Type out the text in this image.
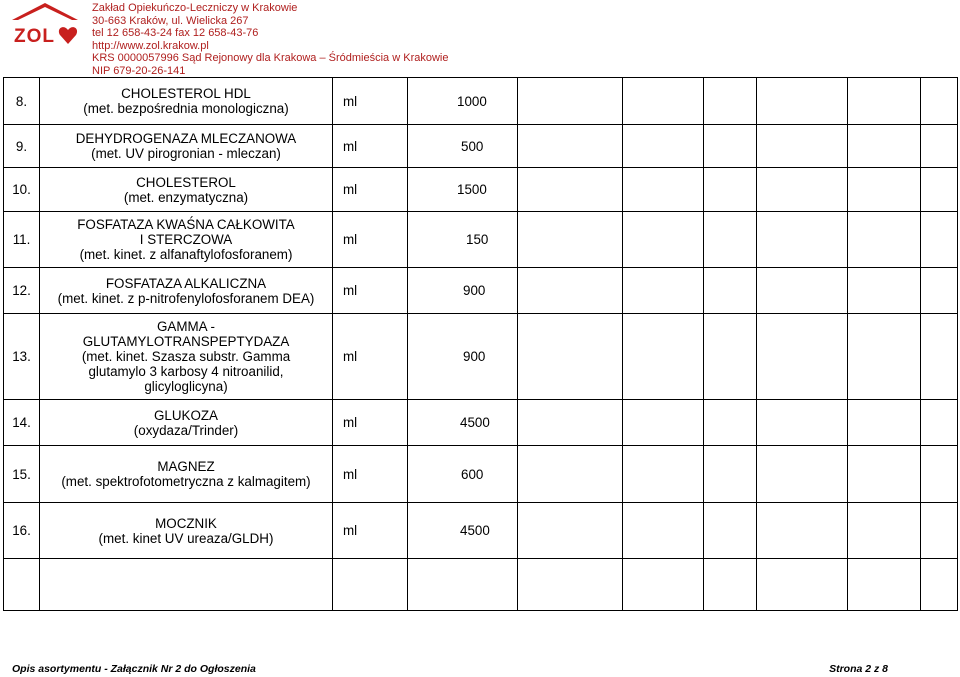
ZOL
Zakład Opiekuńczo-Leczniczy w Krakowie
30-663 Kraków, ul. Wielicka 267
tel 12 658-43-24 fax 12 658-43-76
http://www.zol.krakow.pl
KRS 0000057996 Sąd Rejonowy dla Krakowa – Śródmieścia w Krakowie
NIP 679-20-26-141
8.	CHOLESTEROL HDL
(met. bezpośrednia monologiczna)	ml	1000						
9.	DEHYDROGENAZA MLECZANOWA
(met. UV pirogronian - mleczan)	ml	500						
10.	CHOLESTEROL
(met. enzymatyczna)	ml	1500						
11.	FOSFATAZA KWAŚNA CAŁKOWITA
I STERCZOWA
(met. kinet. z alfanaftylofosforanem)	ml	150						
12.	FOSFATAZA ALKALICZNA
(met. kinet. z p-nitrofenylofosforanem DEA)	ml	900						
13.	GAMMA -
GLUTAMYLOTRANSPEPTYDAZA
(met. kinet. Szasza substr. Gamma
glutamylo 3 karbosy 4 nitroanilid,
glicyloglicyna)	ml	900						
14.	GLUKOZA
(oxydaza/Trinder)	ml	4500						
15.	MAGNEZ
(met. spektrofotometryczna z kalmagitem)	ml	600						
16.	MOCZNIK
(met. kinet UV ureaza/GLDH)	ml	4500						

Opis asortymentu - Załącznik Nr 2 do Ogłoszenia	Strona 2 z 8
